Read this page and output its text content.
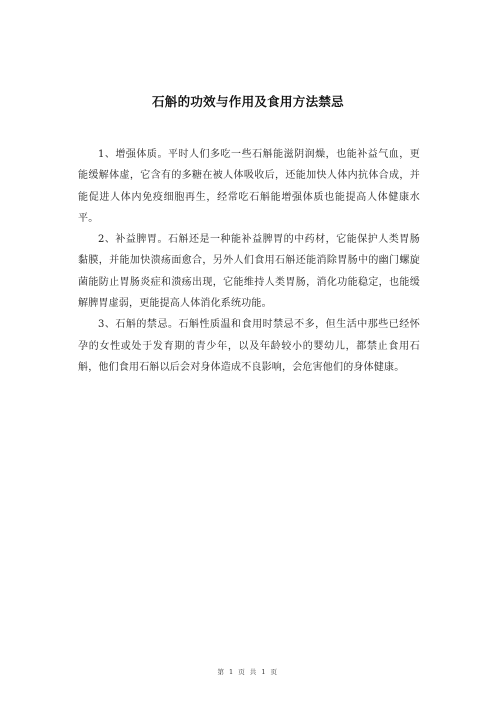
石斛的功效与作用及食用方法禁忌

1、增强体质。平时人们多吃一些石斛能滋阴润燥，也能补益气血，更能缓解体虚，它含有的多糖在被人体吸收后，还能加快人体内抗体合成，并能促进人体内免疫细胞再生，经常吃石斛能增强体质也能提高人体健康水平。

2、补益脾胃。石斛还是一种能补益脾胃的中药材，它能保护人类胃肠黏膜，并能加快溃疡面愈合，另外人们食用石斛还能消除胃肠中的幽门螺旋菌能防止胃肠炎症和溃疡出现，它能维持人类胃肠，消化功能稳定，也能缓解脾胃虚弱，更能提高人体消化系统功能。

3、石斛的禁忌。石斛性质温和食用时禁忌不多，但生活中那些已经怀孕的女性或处于发育期的青少年，以及年龄较小的婴幼儿，都禁止食用石斛，他们食用石斛以后会对身体造成不良影响，会危害他们的身体健康。

第 1 页 共 1 页
